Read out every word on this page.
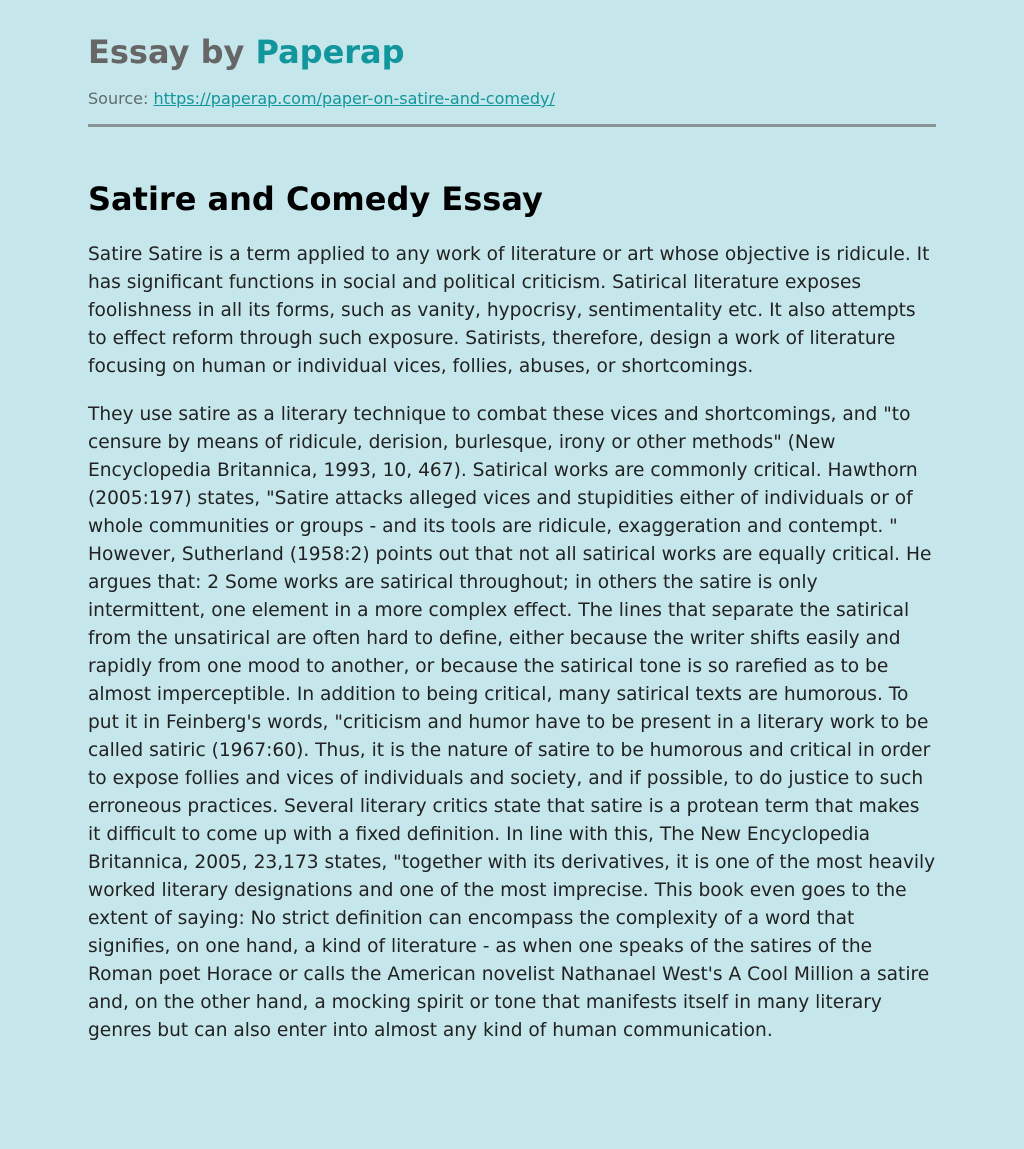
Essay by Paperap
Source: https://paperap.com/paper-on-satire-and-comedy/
Satire and Comedy Essay

Satire Satire is a term applied to any work of literature or art whose objective is ridicule. It has significant functions in social and political criticism. Satirical literature exposes foolishness in all its forms, such as vanity, hypocrisy, sentimentality etc. It also attempts to effect reform through such exposure. Satirists, therefore, design a work of literature focusing on human or individual vices, follies, abuses, or shortcomings.

They use satire as a literary technique to combat these vices and shortcomings, and "to censure by means of ridicule, derision, burlesque, irony or other methods" (New Encyclopedia Britannica, 1993, 10, 467). Satirical works are commonly critical. Hawthorn (2005:197) states, "Satire attacks alleged vices and stupidities either of individuals or of whole communities or groups - and its tools are ridicule, exaggeration and contempt. " However, Sutherland (1958:2) points out that not all satirical works are equally critical. He argues that: 2 Some works are satirical throughout; in others the satire is only intermittent, one element in a more complex effect. The lines that separate the satirical from the unsatirical are often hard to define, either because the writer shifts easily and rapidly from one mood to another, or because the satirical tone is so rarefied as to be almost imperceptible. In addition to being critical, many satirical texts are humorous. To put it in Feinberg's words, "criticism and humor have to be present in a literary work to be called satiric (1967:60). Thus, it is the nature of satire to be humorous and critical in order to expose follies and vices of individuals and society, and if possible, to do justice to such erroneous practices. Several literary critics state that satire is a protean term that makes it difficult to come up with a fixed definition. In line with this, The New Encyclopedia Britannica, 2005, 23,173 states, "together with its derivatives, it is one of the most heavily worked literary designations and one of the most imprecise. This book even goes to the extent of saying: No strict definition can encompass the complexity of a word that signifies, on one hand, a kind of literature - as when one speaks of the satires of the Roman poet Horace or calls the American novelist Nathanael West's A Cool Million a satire and, on the other hand, a mocking spirit or tone that manifests itself in many literary genres but can also enter into almost any kind of human communication.
